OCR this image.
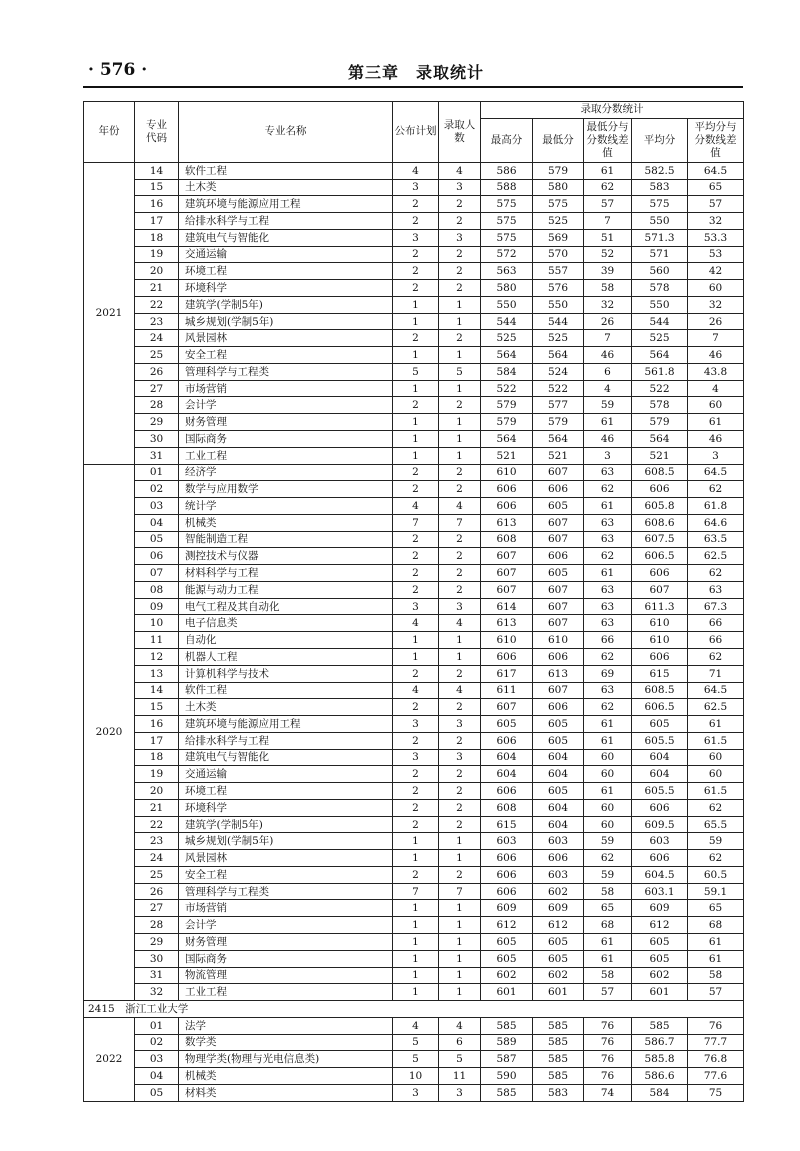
· 576 ·	第三章　录取统计
年份	专业代码	专业名称	公布计划	录取人数	录取分数统计				
					最高分	最低分	最低分与分数线差值	平均分	平均分与分数线差值
2021	14	软件工程	4	4	586	579	61	582.5	64.5
	15	土木类	3	3	588	580	62	583	65
	16	建筑环境与能源应用工程	2	2	575	575	57	575	57
	17	给排水科学与工程	2	2	575	525	7	550	32
	18	建筑电气与智能化	3	3	575	569	51	571.3	53.3
	19	交通运输	2	2	572	570	52	571	53
	20	环境工程	2	2	563	557	39	560	42
	21	环境科学	2	2	580	576	58	578	60
	22	建筑学(学制5年)	1	1	550	550	32	550	32
	23	城乡规划(学制5年)	1	1	544	544	26	544	26
	24	风景园林	2	2	525	525	7	525	7
	25	安全工程	1	1	564	564	46	564	46
	26	管理科学与工程类	5	5	584	524	6	561.8	43.8
	27	市场营销	1	1	522	522	4	522	4
	28	会计学	2	2	579	577	59	578	60
	29	财务管理	1	1	579	579	61	579	61
	30	国际商务	1	1	564	564	46	564	46
	31	工业工程	1	1	521	521	3	521	3
2020	01	经济学	2	2	610	607	63	608.5	64.5
	02	数学与应用数学	2	2	606	606	62	606	62
	03	统计学	4	4	606	605	61	605.8	61.8
	04	机械类	7	7	613	607	63	608.6	64.6
	05	智能制造工程	2	2	608	607	63	607.5	63.5
	06	测控技术与仪器	2	2	607	606	62	606.5	62.5
	07	材料科学与工程	2	2	607	605	61	606	62
	08	能源与动力工程	2	2	607	607	63	607	63
	09	电气工程及其自动化	3	3	614	607	63	611.3	67.3
	10	电子信息类	4	4	613	607	63	610	66
	11	自动化	1	1	610	610	66	610	66
	12	机器人工程	1	1	606	606	62	606	62
	13	计算机科学与技术	2	2	617	613	69	615	71
	14	软件工程	4	4	611	607	63	608.5	64.5
	15	土木类	2	2	607	606	62	606.5	62.5
	16	建筑环境与能源应用工程	3	3	605	605	61	605	61
	17	给排水科学与工程	2	2	606	605	61	605.5	61.5
	18	建筑电气与智能化	3	3	604	604	60	604	60
	19	交通运输	2	2	604	604	60	604	60
	20	环境工程	2	2	606	605	61	605.5	61.5
	21	环境科学	2	2	608	604	60	606	62
	22	建筑学(学制5年)	2	2	615	604	60	609.5	65.5
	23	城乡规划(学制5年)	1	1	603	603	59	603	59
	24	风景园林	1	1	606	606	62	606	62
	25	安全工程	2	2	606	603	59	604.5	60.5
	26	管理科学与工程类	7	7	606	602	58	603.1	59.1
	27	市场营销	1	1	609	609	65	609	65
	28	会计学	1	1	612	612	68	612	68
	29	财务管理	1	1	605	605	61	605	61
	30	国际商务	1	1	605	605	61	605	61
	31	物流管理	1	1	602	602	58	602	58
	32	工业工程	1	1	601	601	57	601	57
2415　浙江工业大学									
2022	01	法学	4	4	585	585	76	585	76
	02	数学类	5	6	589	585	76	586.7	77.7
	03	物理学类(物理与光电信息类)	5	5	587	585	76	585.8	76.8
	04	机械类	10	11	590	585	76	586.6	77.6
	05	材料类	3	3	585	583	74	584	75
